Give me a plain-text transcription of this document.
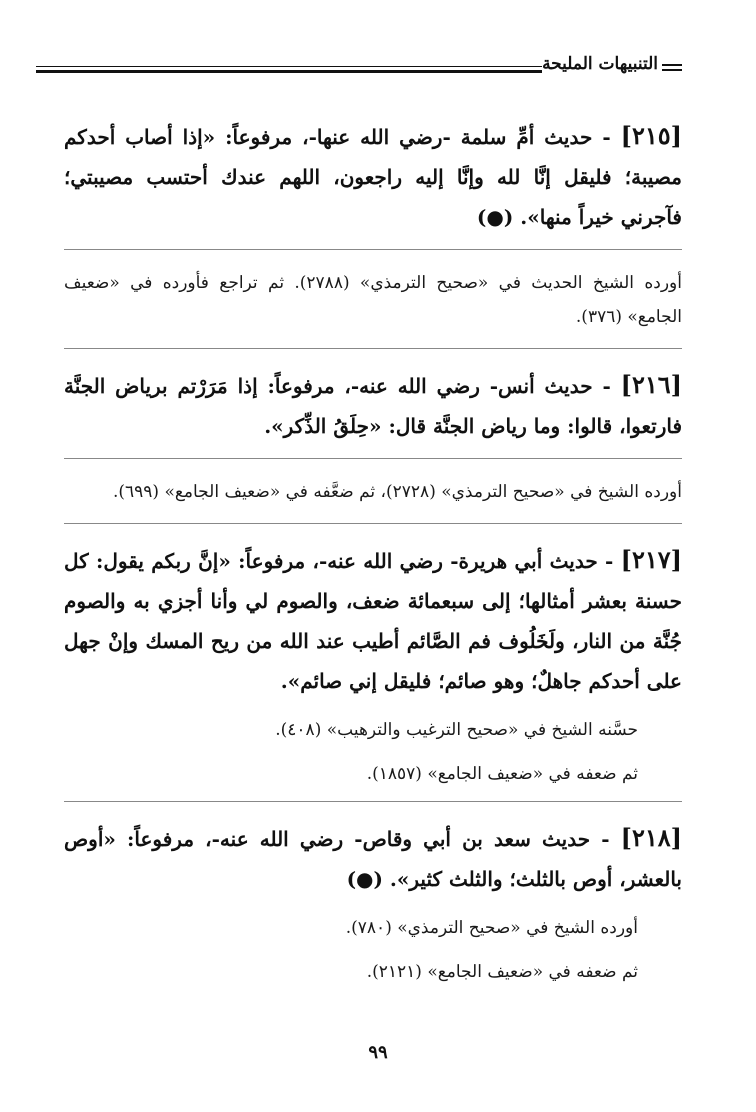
التنبيهات المليحة

[٢١٥] - حديث أمِّ سلمة -رضي الله عنها-، مرفوعاً: «إذا أصاب أحدكم مصيبة؛ فليقل إنَّا لله وإنَّا إليه راجعون، اللهم عندك أحتسب مصيبتي؛ فآجرني خيراً منها». (●)

أورده الشيخ الحديث في «صحيح الترمذي» (٢٧٨٨). ثم تراجع فأورده في «ضعيف الجامع» (٣٧٦).

[٢١٦] - حديث أنس- رضي الله عنه-، مرفوعاً: إذا مَرَرْتم برياض الجنَّة فارتعوا، قالوا: وما رياض الجنَّة قال: «حِلَقُ الذِّكر».

أورده الشيخ في «صحيح الترمذي» (٢٧٢٨)، ثم ضعَّفه في «ضعيف الجامع» (٦٩٩).

[٢١٧] - حديث أبي هريرة- رضي الله عنه-، مرفوعاً: «إنَّ ربكم يقول: كل حسنة بعشر أمثالها؛ إلى سبعمائة ضعف، والصوم لي وأنا أجزي به والصوم جُنَّة من النار، ولَخَلُوف فم الصَّائم أطيب عند الله من ريح المسك وإنْ جهل على أحدكم جاهلٌ؛ وهو صائم؛ فليقل إني صائم».

حسَّنه الشيخ في «صحيح الترغيب والترهيب» (٤٠٨).

ثم ضعفه في «ضعيف الجامع» (١٨٥٧).

[٢١٨] - حديث سعد بن أبي وقاص- رضي الله عنه-، مرفوعاً: «أوص بالعشر، أوص بالثلث؛ والثلث كثير». (●)

أورده الشيخ في «صحيح الترمذي» (٧٨٠).

ثم ضعفه في «ضعيف الجامع» (٢١٢١).

٩٩
